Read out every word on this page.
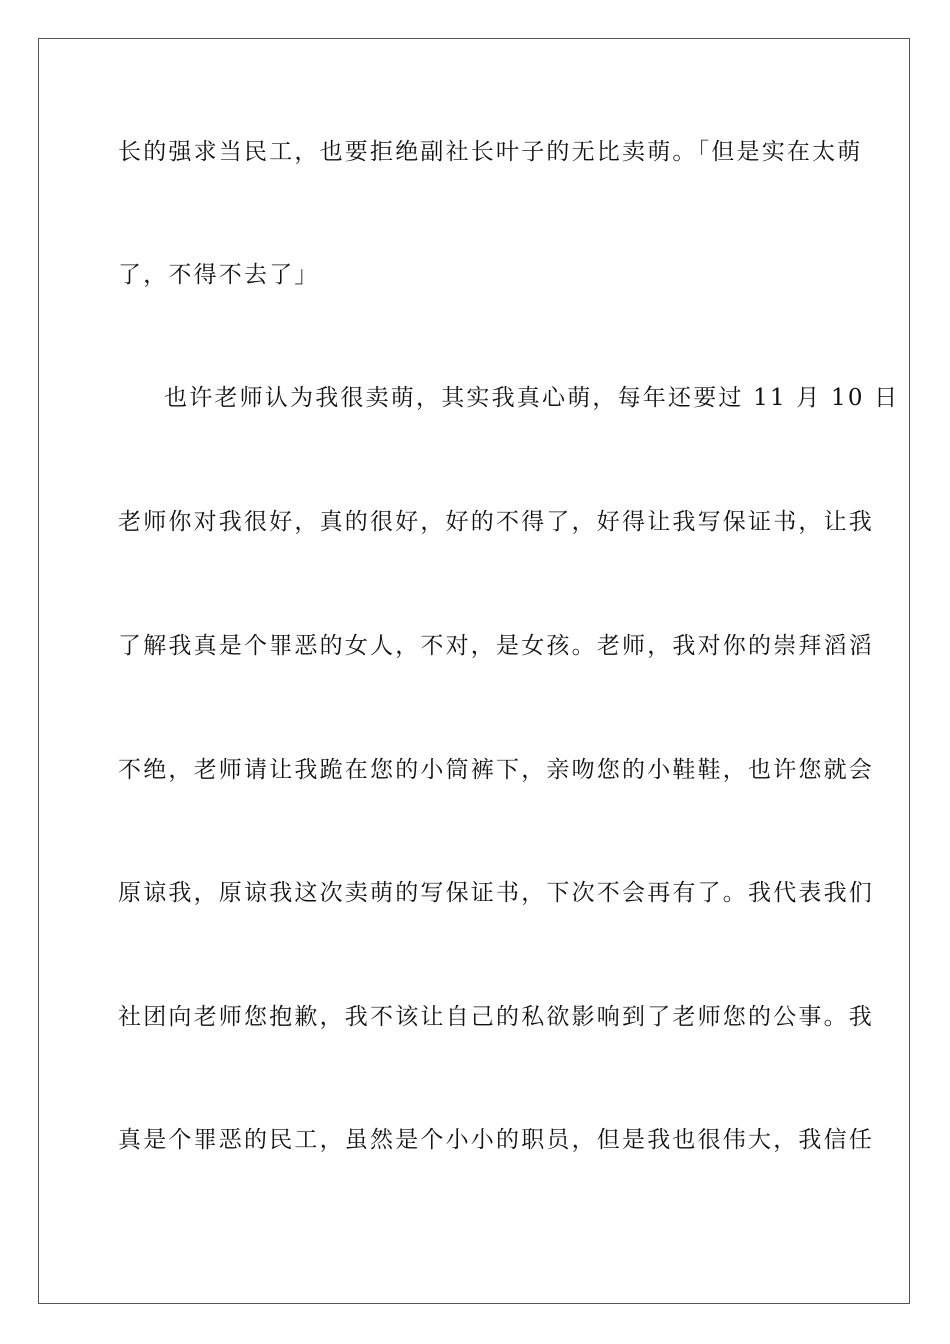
长的强求当民工，也要拒绝副社长叶子的无比卖萌。「但是实在太萌
了，不得不去了」
也许老师认为我很卖萌，其实我真心萌，每年还要过 11 月 10 日
老师你对我很好，真的很好，好的不得了，好得让我写保证书，让我
了解我真是个罪恶的女人，不对，是女孩。老师，我对你的崇拜滔滔
不绝，老师请让我跪在您的小筒裤下，亲吻您的小鞋鞋，也许您就会
原谅我，原谅我这次卖萌的写保证书，下次不会再有了。我代表我们
社团向老师您抱歉，我不该让自己的私欲影响到了老师您的公事。我
真是个罪恶的民工，虽然是个小小的职员，但是我也很伟大，我信任
